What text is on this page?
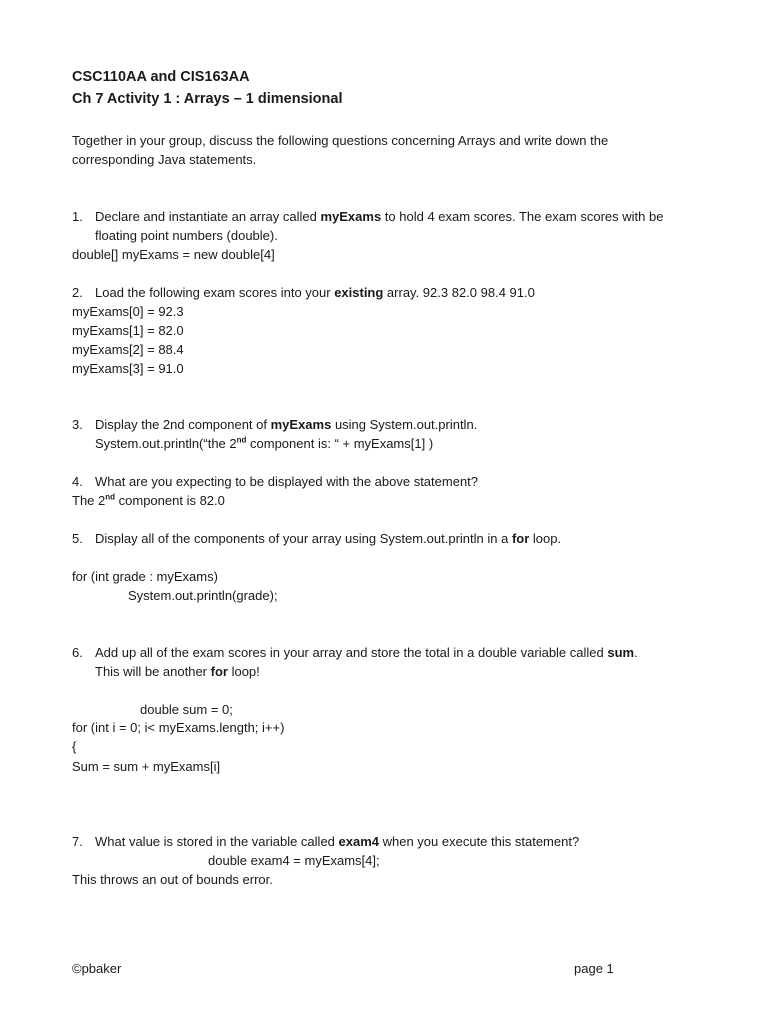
CSC110AA and CIS163AA
Ch 7 Activity 1 : Arrays – 1 dimensional
Together in your group, discuss the following questions concerning Arrays and write down the
corresponding Java statements.
1. Declare and instantiate an array called myExams to hold 4 exam scores. The exam scores with be
floating point numbers (double).
double[] myExams = new double[4]
2. Load the following exam scores into your existing array. 92.3 82.0 98.4 91.0
myExams[0] = 92.3
myExams[1] = 82.0
myExams[2] = 88.4
myExams[3] = 91.0
3. Display the 2nd component of myExams using System.out.println.
System.out.println(“the 2nd component is: “ + myExams[1] )
4. What are you expecting to be displayed with the above statement?
The 2nd component is 82.0
5. Display all of the components of your array using System.out.println in a for loop.
for (int grade : myExams)
System.out.println(grade);
6. Add up all of the exam scores in your array and store the total in a double variable called sum.
This will be another for loop!
double sum = 0;
for (int i = 0; i< myExams.length; i++)
{
Sum = sum + myExams[i]
7. What value is stored in the variable called exam4 when you execute this statement?
double exam4 = myExams[4];
This throws an out of bounds error.
©pbaker	page 1
